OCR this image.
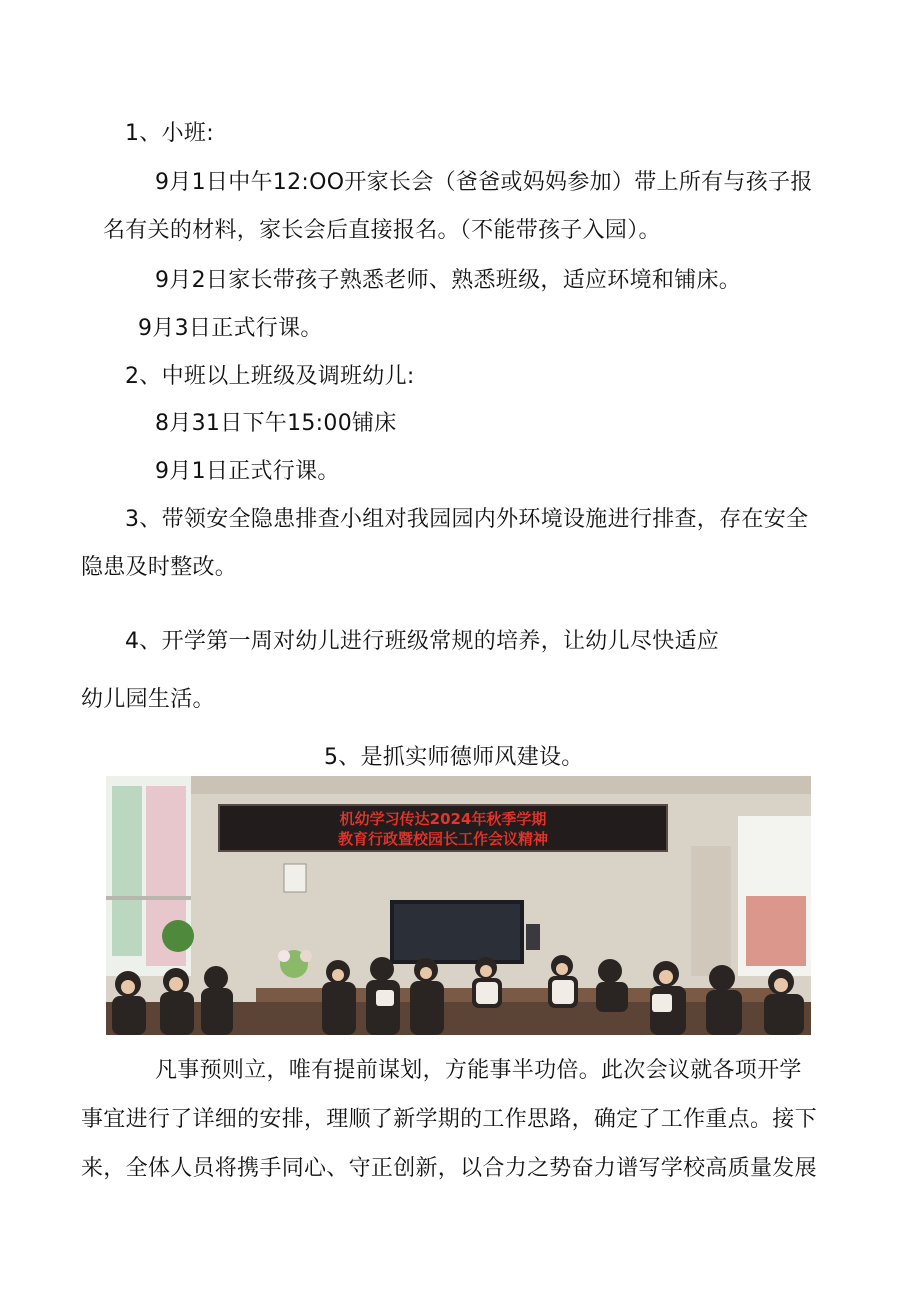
1、小班:

9月1日中午12:OO开家长会（爸爸或妈妈参加）带上所有与孩子报

名有关的材料，家长会后直接报名。（不能带孩子入园）。

9月2日家长带孩子熟悉老师、熟悉班级，适应环境和铺床。

9月3日正式行课。

2、中班以上班级及调班幼儿:

8月31日下午15:00铺床

9月1日正式行课。

3、带领安全隐患排查小组对我园园内外环境设施进行排查，存在安全

隐患及时整改。

4、开学第一周对幼儿进行班级常规的培养，让幼儿尽快适应

幼儿园生活。

5、是抓实师德师风建设。

机幼学习传达2024年秋季学期
教育行政暨校园长工作会议精神

凡事预则立，唯有提前谋划，方能事半功倍。此次会议就各项开学

事宜进行了详细的安排，理顺了新学期的工作思路，确定了工作重点。接下

来，全体人员将携手同心、守正创新，以合力之势奋力谱写学校高质量发展
